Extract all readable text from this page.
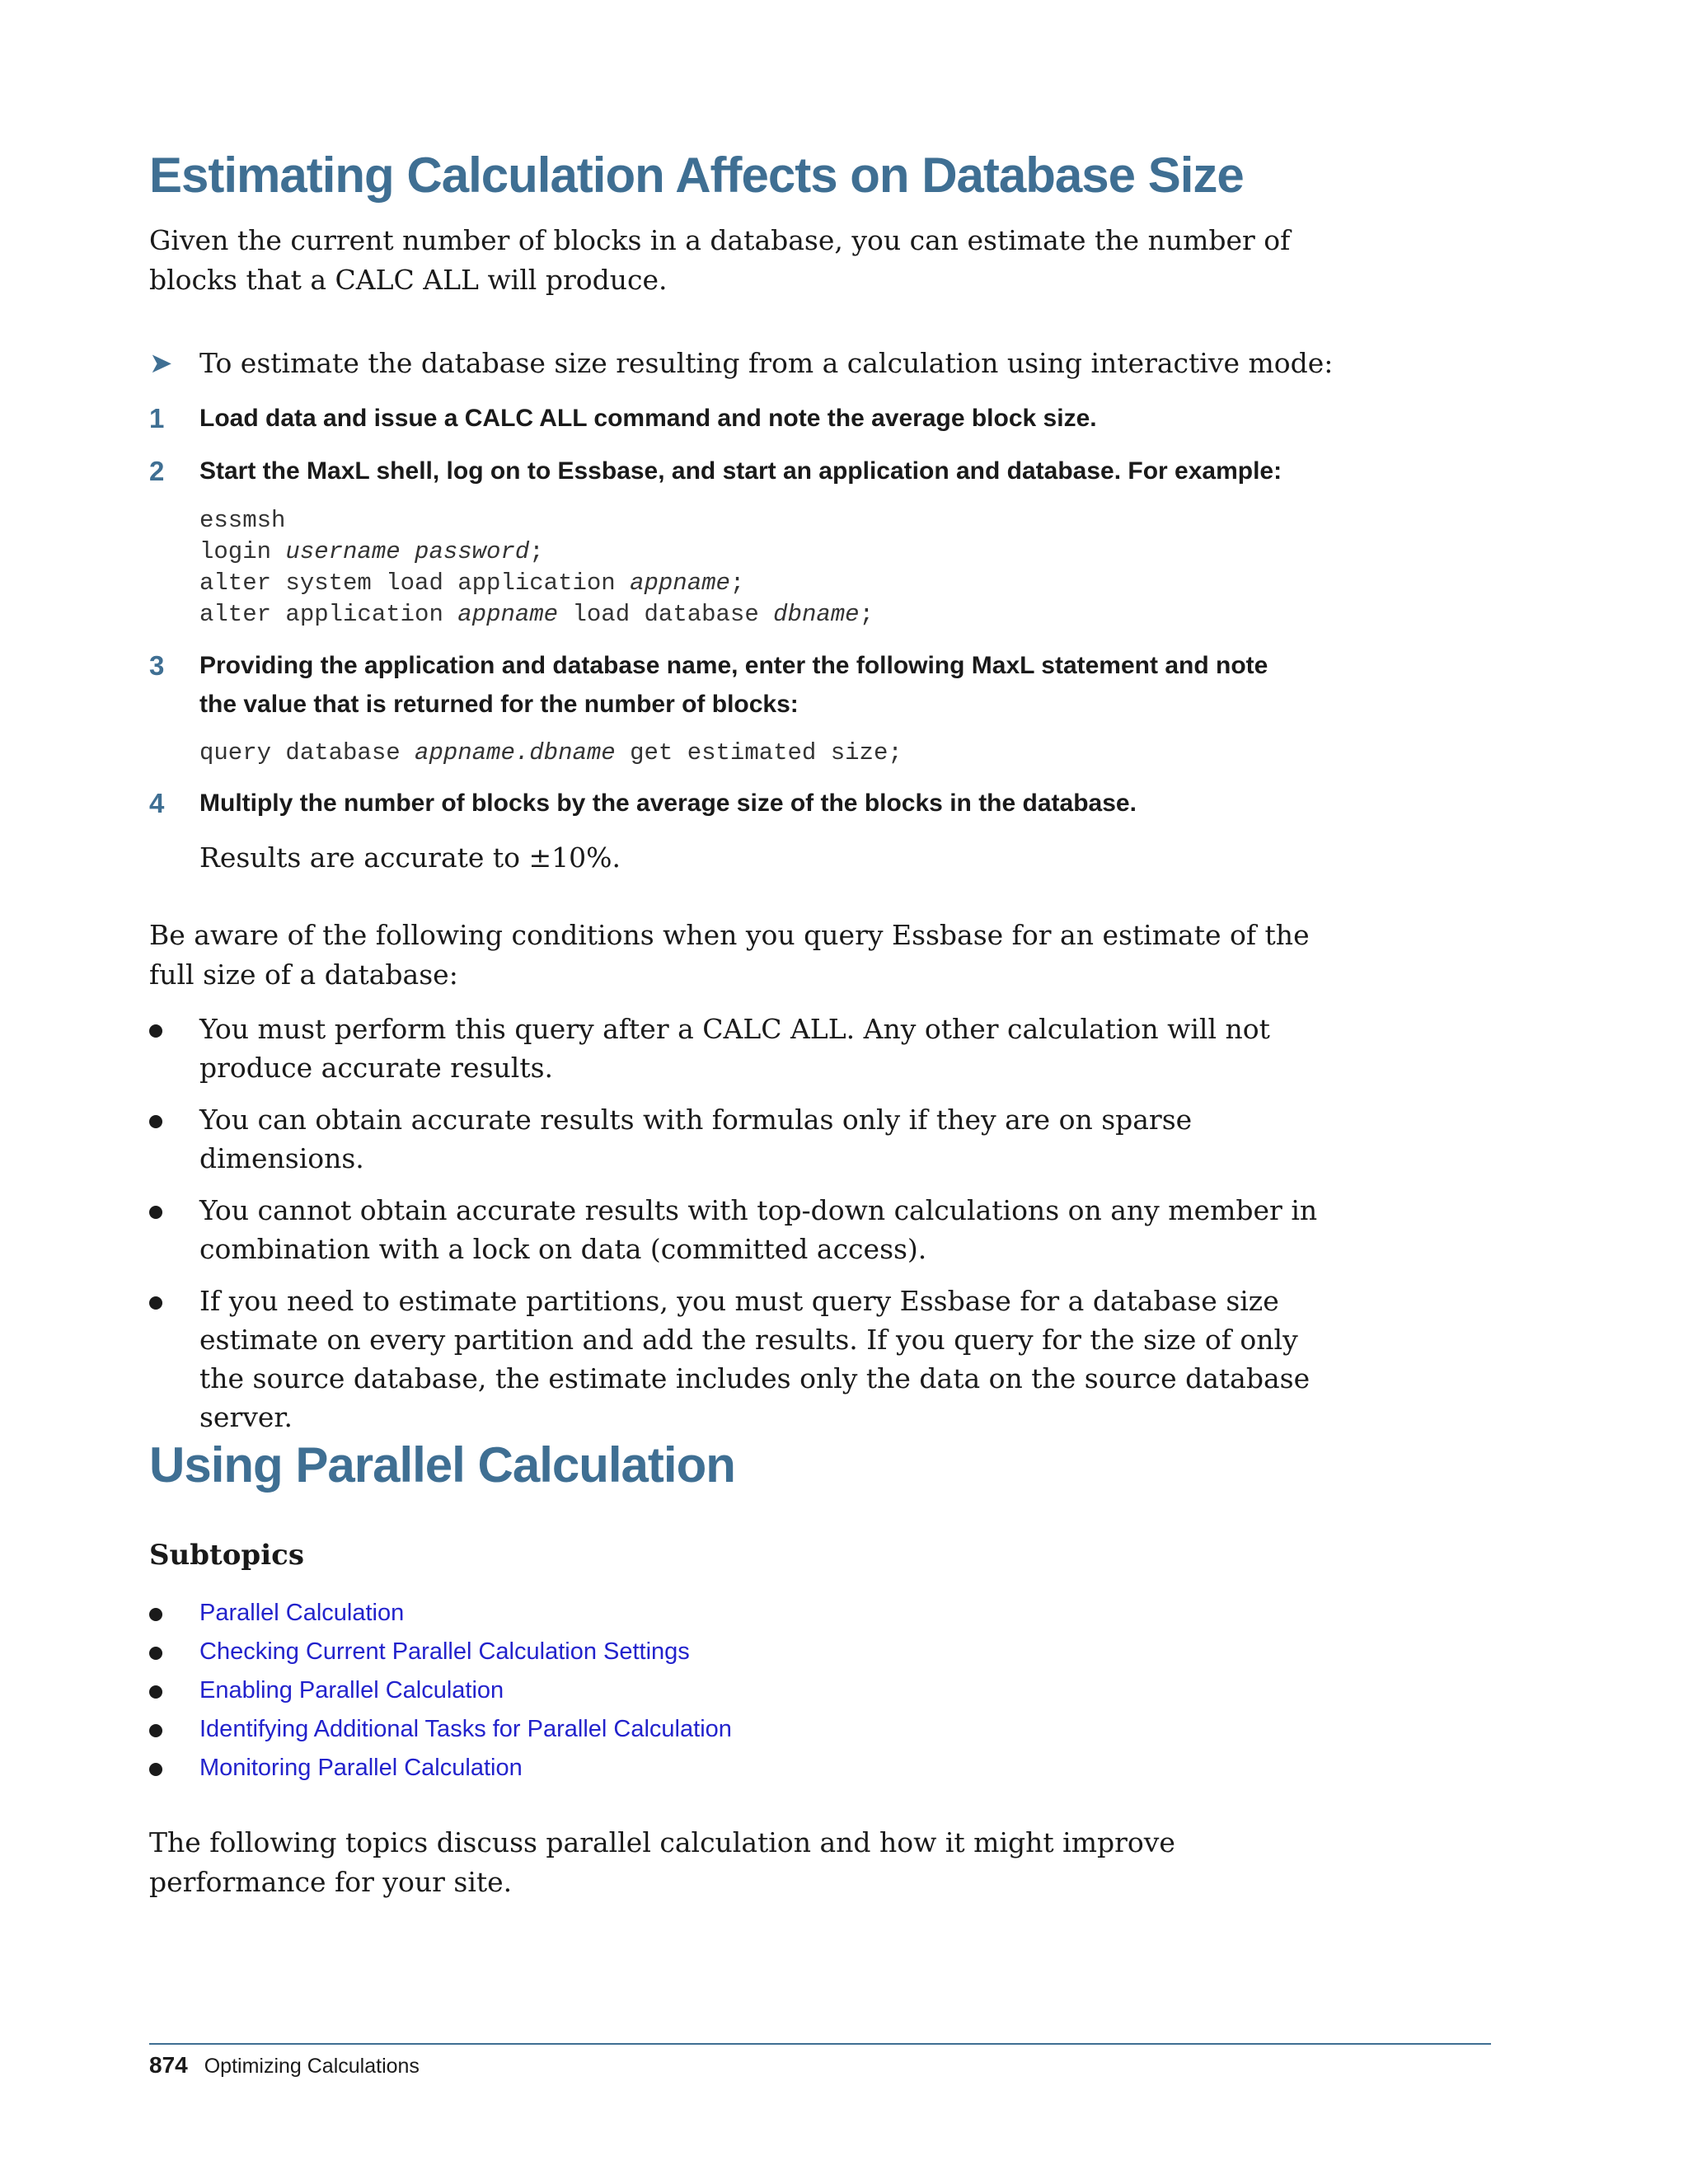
Estimating Calculation Affects on Database Size

Given the current number of blocks in a database, you can estimate the number of blocks that a CALC ALL will produce.

➤ To estimate the database size resulting from a calculation using interactive mode:

1 Load data and issue a CALC ALL command and note the average block size.
2 Start the MaxL shell, log on to Essbase, and start an application and database. For example:
essmsh
login username password;
alter system load application appname;
alter application appname load database dbname;
3 Providing the application and database name, enter the following MaxL statement and note the value that is returned for the number of blocks:
query database appname.dbname get estimated size;
4 Multiply the number of blocks by the average size of the blocks in the database.

Results are accurate to ±10%.

Be aware of the following conditions when you query Essbase for an estimate of the full size of a database:

You must perform this query after a CALC ALL. Any other calculation will not produce accurate results.
You can obtain accurate results with formulas only if they are on sparse dimensions.
You cannot obtain accurate results with top-down calculations on any member in combination with a lock on data (committed access).
If you need to estimate partitions, you must query Essbase for a database size estimate on every partition and add the results. If you query for the size of only the source database, the estimate includes only the data on the source database server.
Using Parallel Calculation

Subtopics

Parallel Calculation
Checking Current Parallel Calculation Settings
Enabling Parallel Calculation
Identifying Additional Tasks for Parallel Calculation
Monitoring Parallel Calculation

The following topics discuss parallel calculation and how it might improve performance for your site.

874 Optimizing Calculations
